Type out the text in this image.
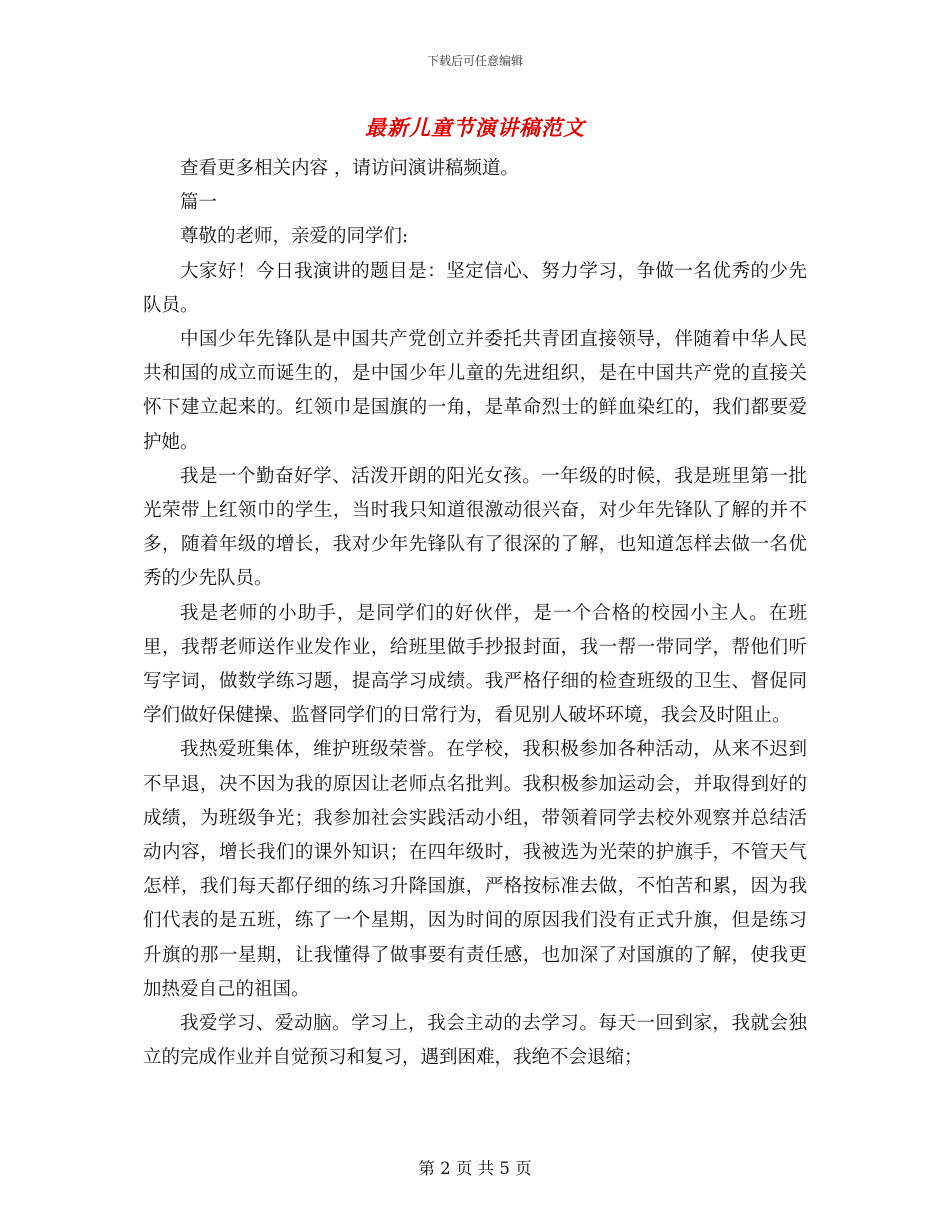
下载后可任意编辑
最新儿童节演讲稿范文

查看更多相关内容 ，请访问演讲稿频道。

篇一

尊敬的老师，亲爱的同学们:

大家好！今日我演讲的题目是：坚定信心、努力学习，争做一名优秀的少先队员。

中国少年先锋队是中国共产党创立并委托共青团直接领导，伴随着中华人民共和国的成立而诞生的，是中国少年儿童的先进组织，是在中国共产党的直接关怀下建立起来的。红领巾是国旗的一角，是革命烈士的鲜血染红的，我们都要爱护她。

我是一个勤奋好学、活泼开朗的阳光女孩。一年级的时候，我是班里第一批光荣带上红领巾的学生，当时我只知道很激动很兴奋，对少年先锋队了解的并不多，随着年级的增长，我对少年先锋队有了很深的了解，也知道怎样去做一名优秀的少先队员。

我是老师的小助手，是同学们的好伙伴，是一个合格的校园小主人。在班里，我帮老师送作业发作业，给班里做手抄报封面，我一帮一带同学，帮他们听写字词，做数学练习题，提高学习成绩。我严格仔细的检查班级的卫生、督促同学们做好保健操、监督同学们的日常行为，看见别人破坏环境，我会及时阻止。

我热爱班集体，维护班级荣誉。在学校，我积极参加各种活动，从来不迟到不早退，决不因为我的原因让老师点名批判。我积极参加运动会，并取得到好的成绩，为班级争光；我参加社会实践活动小组，带领着同学去校外观察并总结活动内容，增长我们的课外知识；在四年级时，我被选为光荣的护旗手，不管天气怎样，我们每天都仔细的练习升降国旗，严格按标准去做，不怕苦和累，因为我们代表的是五班，练了一个星期，因为时间的原因我们没有正式升旗，但是练习升旗的那一星期，让我懂得了做事要有责任感，也加深了对国旗的了解，使我更加热爱自己的祖国。

我爱学习、爱动脑。学习上，我会主动的去学习。每天一回到家，我就会独立的完成作业并自觉预习和复习，遇到困难，我绝不会退缩；

第 2 页 共 5 页
